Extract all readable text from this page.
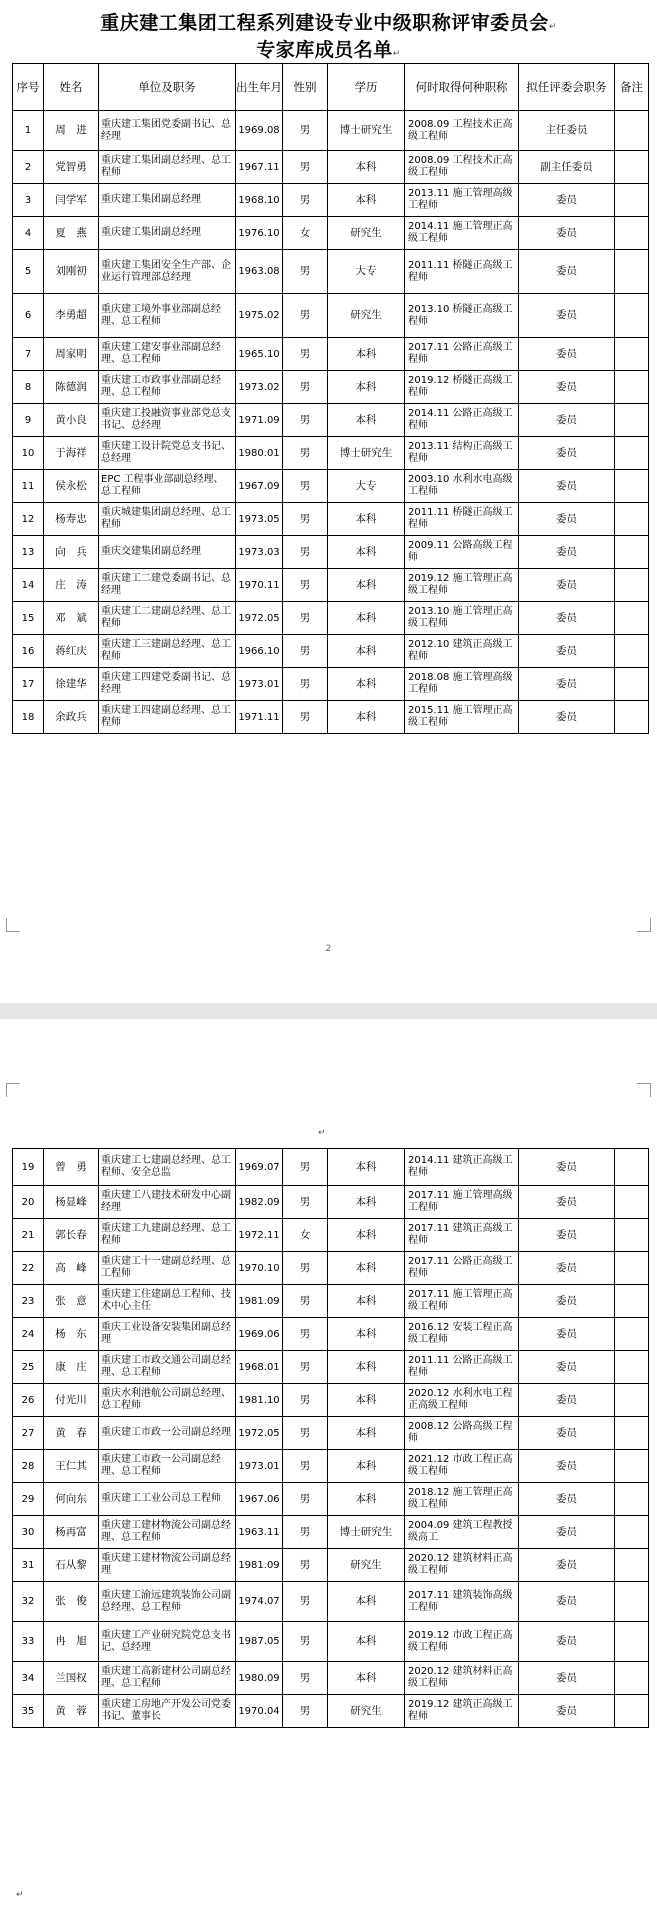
重庆建工集团工程系列建设专业中级职称评审委员会↵
专家库成员名单↵
序号	姓名	单位及职务	出生年月	性别	学历	何时取得何种职称	拟任评委会职务	备注
1	周　进	重庆建工集团党委副书记、总经理	1969.08	男	博士研究生	2008.09 工程技术正高级工程师	主任委员	
2	党智勇	重庆建工集团副总经理、总工程师	1967.11	男	本科	2008.09 工程技术正高级工程师	副主任委员	
3	闫学军	重庆建工集团副总经理	1968.10	男	本科	2013.11 施工管理高级工程师	委员	
4	夏　燕	重庆建工集团副总经理	1976.10	女	研究生	2014.11 施工管理正高级工程师	委员	
5	刘刚初	重庆建工集团安全生产部、企业运行管理部总经理	1963.08	男	大专	2011.11 桥隧正高级工程师	委员	
6	李勇超	重庆建工境外事业部副总经理、总工程师	1975.02	男	研究生	2013.10 桥隧正高级工程师	委员	
7	周家明	重庆建工建安事业部副总经理、总工程师	1965.10	男	本科	2017.11 公路正高级工程师	委员	
8	陈德润	重庆建工市政事业部副总经理、总工程师	1973.02	男	本科	2019.12 桥隧正高级工程师	委员	
9	黄小良	重庆建工投融资事业部党总支书记、总经理	1971.09	男	本科	2014.11 公路正高级工程师	委员	
10	于海祥	重庆建工设计院党总支书记、总经理	1980.01	男	博士研究生	2013.11 结构正高级工程师	委员	
11	侯永松	EPC 工程事业部副总经理、总工程师	1967.09	男	大专	2003.10 水利水电高级工程师	委员	
12	杨寿忠	重庆城建集团副总经理、总工程师	1973.05	男	本科	2011.11 桥隧正高级工程师	委员	
13	向　兵	重庆交建集团副总经理	1973.03	男	本科	2009.11 公路高级工程师	委员	
14	庄　涛	重庆建工二建党委副书记、总经理	1970.11	男	本科	2019.12 施工管理正高级工程师	委员	
15	邓　斌	重庆建工二建副总经理、总工程师	1972.05	男	本科	2013.10 施工管理正高级工程师	委员	
16	蒋红庆	重庆建工三建副总经理、总工程师	1966.10	男	本科	2012.10 建筑正高级工程师	委员	
17	徐建华	重庆建工四建党委副书记、总经理	1973.01	男	本科	2018.08 施工管理高级工程师	委员	
18	余政兵	重庆建工四建副总经理、总工程师	1971.11	男	本科	2015.11 施工管理正高级工程师	委员	
2
↵
↵
19	曾　勇	重庆建工七建副总经理、总工程师、安全总监	1969.07	男	本科	2014.11 建筑正高级工程师	委员	
20	杨显峰	重庆建工八建技术研发中心副经理	1982.09	男	本科	2017.11 施工管理高级工程师	委员	
21	郭长春	重庆建工九建副总经理、总工程师	1972.11	女	本科	2017.11 建筑正高级工程师	委员	
22	高　峰	重庆建工十一建副总经理、总工程师	1970.10	男	本科	2017.11 公路正高级工程师	委员	
23	张　意	重庆建工住建副总工程师、技术中心主任	1981.09	男	本科	2017.11 施工管理正高级工程师	委员	
24	杨　东	重庆工业设备安装集团副总经理	1969.06	男	本科	2016.12 安装工程正高级工程师	委员	
25	康　庄	重庆建工市政交通公司副总经理、总工程师	1968.01	男	本科	2011.11 公路正高级工程师	委员	
26	付光川	重庆水利港航公司副总经理、总工程师	1981.10	男	本科	2020.12 水利水电工程正高级工程师	委员	
27	黄　春	重庆建工市政一公司副总经理	1972.05	男	本科	2008.12 公路高级工程师	委员	
28	王仁其	重庆建工市政一公司副总经理、总工程师	1973.01	男	本科	2021.12 市政工程正高级工程师	委员	
29	何向东	重庆建工工业公司总工程师	1967.06	男	本科	2018.12 施工管理正高级工程师	委员	
30	杨再富	重庆建工建材物流公司副总经理、总工程师	1963.11	男	博士研究生	2004.09 建筑工程教授级高工	委员	
31	石从黎	重庆建工建材物流公司副总经理	1981.09	男	研究生	2020.12 建筑材料正高级工程师	委员	
32	张　俊	重庆建工渝远建筑装饰公司副总经理、总工程师	1974.07	男	本科	2017.11 建筑装饰高级工程师	委员	
33	冉　旭	重庆建工产业研究院党总支书记、总经理	1987.05	男	本科	2019.12 市政工程正高级工程师	委员	
34	兰国权	重庆建工高新建材公司副总经理、总工程师	1980.09	男	本科	2020.12 建筑材料正高级工程师	委员	
35	黄　蓉	重庆建工房地产开发公司党委书记、董事长	1970.04	男	研究生	2019.12 建筑正高级工程师	委员	
